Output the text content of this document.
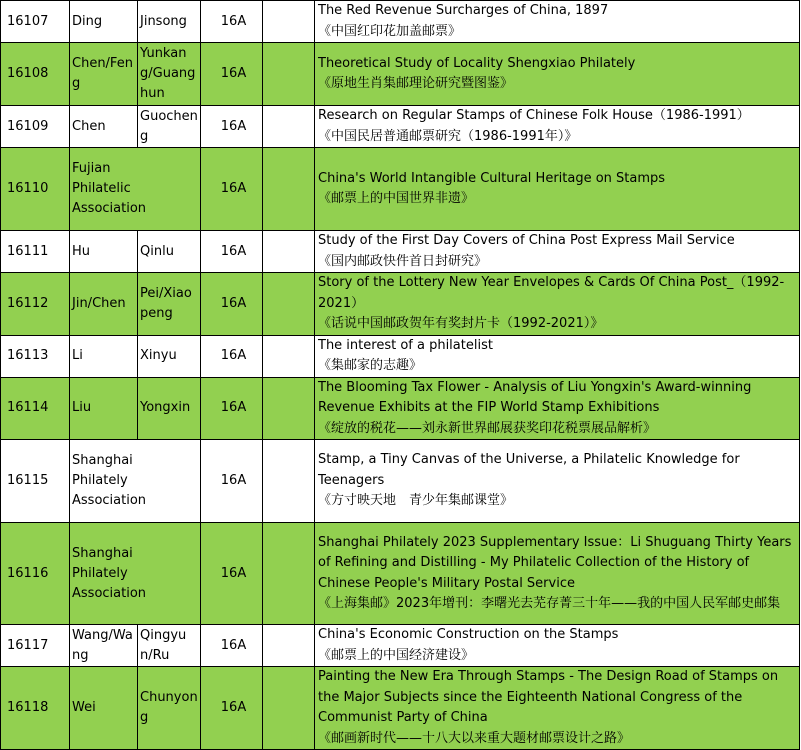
16107	Ding	Jinsong	16A		The Red Revenue Surcharges of China, 1897
《中国红印花加盖邮票》

16108	Chen/Feng	Yunkang/Guanghun	16A		Theoretical Study of Locality Shengxiao Philately
《原地生肖集邮理论研究暨图鉴》

16109	Chen	Guocheng	16A		Research on Regular Stamps of Chinese Folk House（1986-1991）
《中国民居普通邮票研究（1986-1991年）》

16110	Fujian Philatelic Association		16A		China's World Intangible Cultural Heritage on Stamps
《邮票上的中国世界非遗》

16111	Hu	Qinlu	16A		Study of the First Day Covers of China Post Express Mail Service
《国内邮政快件首日封研究》

16112	Jin/Chen	Pei/Xiaopeng	16A		Story of the Lottery New Year Envelopes & Cards Of China Post_（1992-2021）
《话说中国邮政贺年有奖封片卡（1992-2021）》

16113	Li	Xinyu	16A		The interest of a philatelist
《集邮家的志趣》

16114	Liu	Yongxin	16A		The Blooming Tax Flower - Analysis of Liu Yongxin's Award-winning Revenue Exhibits at the FIP World Stamp Exhibitions
《绽放的税花——刘永新世界邮展获奖印花税票展品解析》

16115	Shanghai Philately Association		16A		Stamp, a Tiny Canvas of the Universe, a Philatelic Knowledge for Teenagers
《方寸映天地　青少年集邮课堂》

16116	Shanghai Philately Association		16A		Shanghai Philately 2023 Supplementary Issue：Li Shuguang Thirty Years of Refining and Distilling - My Philatelic Collection of the History of Chinese People's Military Postal Service
《上海集邮》2023年增刊：李曙光去芜存菁三十年——我的中国人民军邮史邮集

16117	Wang/Wang	Qingyun/Ru	16A		China's Economic Construction on the Stamps
《邮票上的中国经济建设》

16118	Wei	Chunyong	16A		Painting the New Era Through Stamps - The Design Road of Stamps on the Major Subjects since the Eighteenth National Congress of the Communist Party of China
《邮画新时代——十八大以来重大题材邮票设计之路》
